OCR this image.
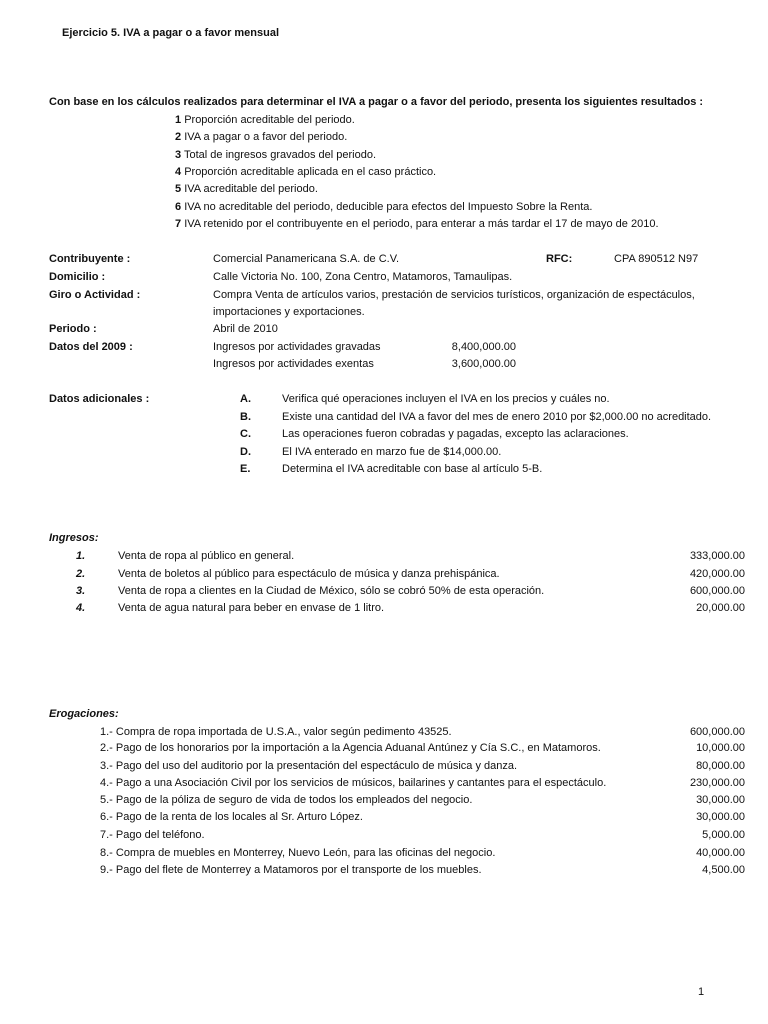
Ejercicio 5. IVA a pagar o a favor mensual
Con base en los cálculos realizados para determinar el IVA a pagar o a favor del periodo, presenta los siguientes resultados :
1 Proporción acreditable del periodo.
2 IVA a pagar o a favor del periodo.
3 Total de ingresos gravados del periodo.
4 Proporción acreditable aplicada en el caso práctico.
5 IVA acreditable del periodo.
6 IVA no acreditable del periodo, deducible para efectos del Impuesto Sobre la Renta.
7 IVA retenido por el contribuyente en el periodo, para enterar a más tardar el 17 de mayo de 2010.
Contribuyente :	Comercial Panamericana S.A. de C.V.	RFC:	CPA 890512 N97
Domicilio :	Calle Victoria No. 100, Zona Centro, Matamoros, Tamaulipas.
Giro o Actividad :	Compra Venta de artículos varios, prestación de servicios turísticos, organización de espectáculos,
importaciones y exportaciones.
Periodo :	Abril de 2010
Datos del 2009 :	Ingresos por actividades gravadas	8,400,000.00
Ingresos por actividades exentas	3,600,000.00
Datos adicionales :	A.	Verifica qué operaciones incluyen el IVA en los precios y cuáles no.
B.	Existe una cantidad del IVA a favor del mes de enero 2010 por $2,000.00 no acreditado.
C.	Las operaciones fueron cobradas y pagadas, excepto las aclaraciones.
D.	El IVA enterado en marzo fue de $14,000.00.
E.	Determina el IVA acreditable con base al artículo 5-B.
Ingresos:
1.	Venta de ropa al público en general.	333,000.00
2.	Venta de boletos al público para espectáculo de música y danza prehispánica.	420,000.00
3.	Venta de ropa a clientes en la Ciudad de México, sólo se cobró 50% de esta operación.	600,000.00
4.	Venta de agua natural para beber en envase de 1 litro.	20,000.00
Erogaciones:
1.- Compra de ropa importada de U.S.A., valor según pedimento 43525.	600,000.00
2.- Pago de los honorarios por la importación a la Agencia Aduanal Antúnez y Cía S.C., en Matamoros.	10,000.00
3.- Pago del uso del auditorio por la presentación del espectáculo de música y danza.	80,000.00
4.- Pago a una Asociación Civil por los servicios de músicos, bailarines y cantantes para el espectáculo.	230,000.00
5.- Pago de la póliza de seguro de vida de todos los empleados del negocio.	30,000.00
6.- Pago de la renta de los locales al Sr. Arturo López.	30,000.00
7.- Pago del teléfono.	5,000.00
8.- Compra de muebles en Monterrey, Nuevo León, para las oficinas del negocio.	40,000.00
9.- Pago del flete de Monterrey a Matamoros por el transporte de los muebles.	4,500.00
1
